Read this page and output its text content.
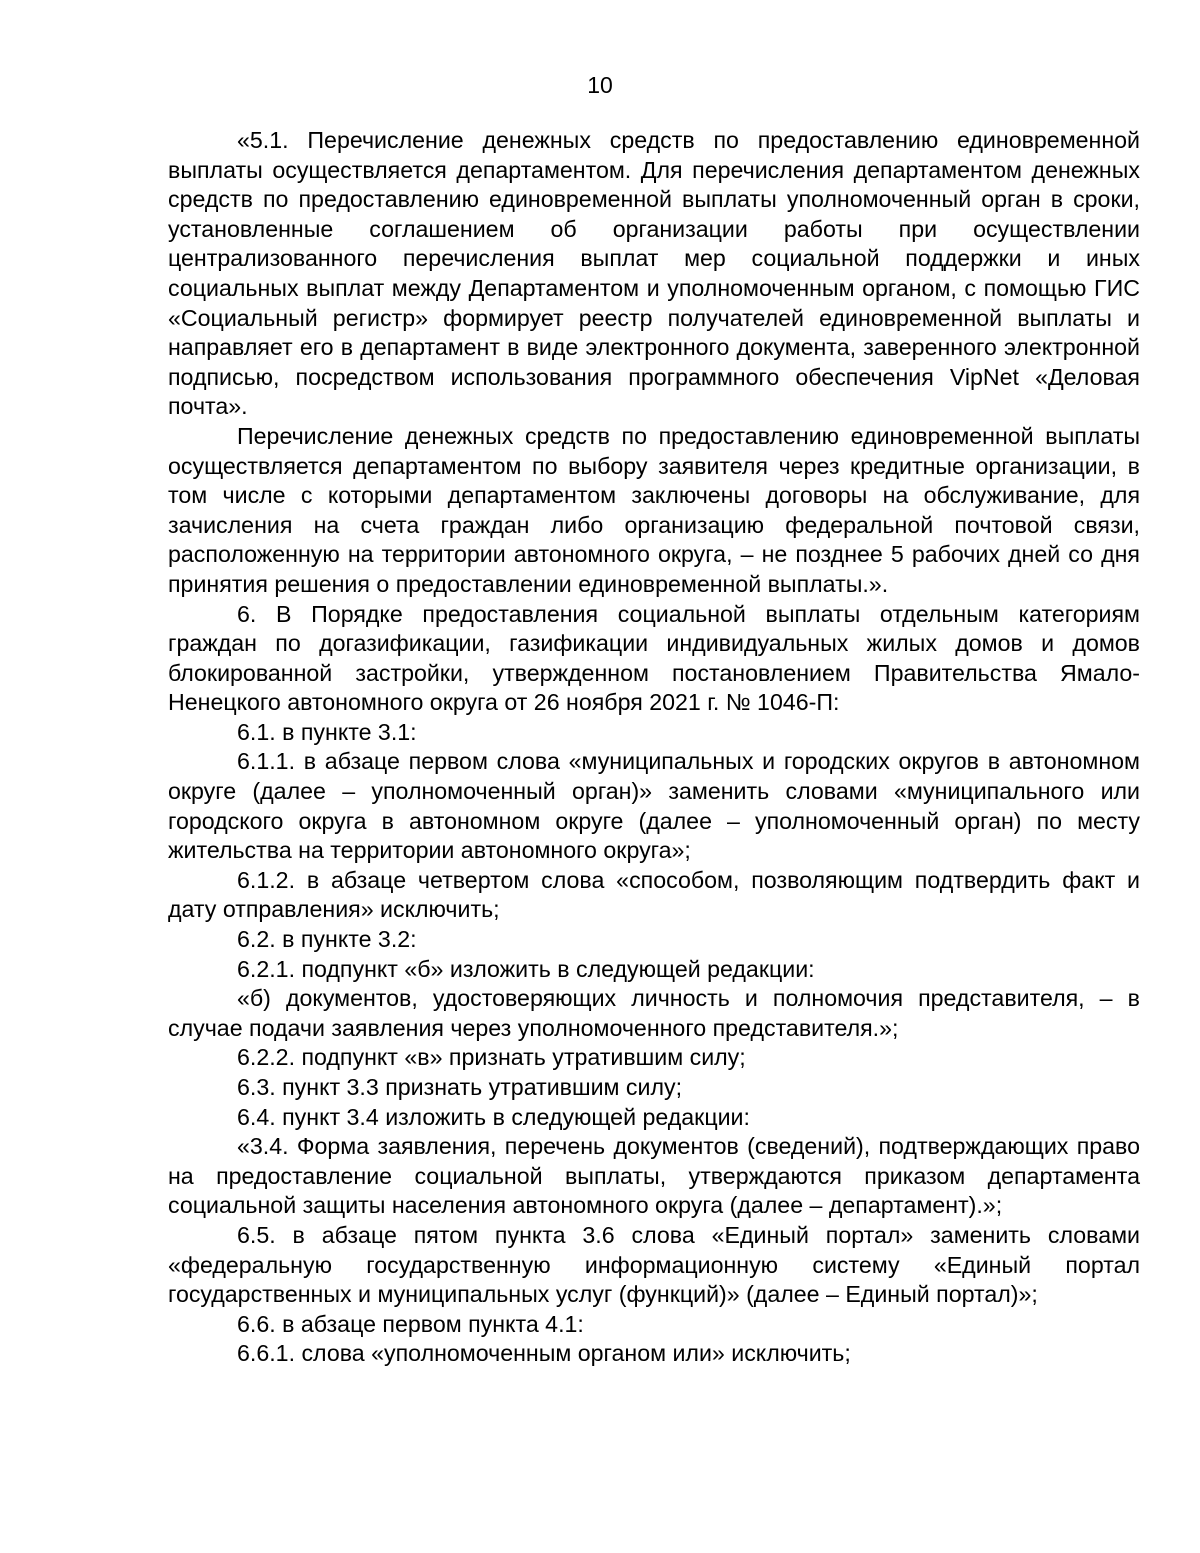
10

«5.1. Перечисление денежных средств по предоставлению единовременной выплаты осуществляется департаментом. Для перечисления департаментом денежных средств по предоставлению единовременной выплаты уполномоченный орган в сроки, установленные соглашением об организации работы при осуществлении централизованного перечисления выплат мер социальной поддержки и иных социальных выплат между Департаментом и уполномоченным органом, с помощью ГИС «Социальный регистр» формирует реестр получателей единовременной выплаты и направляет его в департамент в виде электронного документа, заверенного электронной подписью, посредством использования программного обеспечения VipNet «Деловая почта».

Перечисление денежных средств по предоставлению единовременной выплаты осуществляется департаментом по выбору заявителя через кредитные организации, в том числе с которыми департаментом заключены договоры на обслуживание, для зачисления на счета граждан либо организацию федеральной почтовой связи, расположенную на территории автономного округа, – не позднее 5 рабочих дней со дня принятия решения о предоставлении единовременной выплаты.».

6. В Порядке предоставления социальной выплаты отдельным категориям граждан по догазификации, газификации индивидуальных жилых домов и домов блокированной застройки, утвержденном постановлением Правительства Ямало-Ненецкого автономного округа от 26 ноября 2021 г. № 1046-П:

6.1. в пункте 3.1:

6.1.1. в абзаце первом слова «муниципальных и городских округов в автономном округе (далее – уполномоченный орган)» заменить словами «муниципального или городского округа в автономном округе (далее – уполномоченный орган) по месту жительства на территории автономного округа»;

6.1.2. в абзаце четвертом слова «способом, позволяющим подтвердить факт и дату отправления» исключить;

6.2. в пункте 3.2:

6.2.1. подпункт «б» изложить в следующей редакции:

«б) документов, удостоверяющих личность и полномочия представителя, – в случае подачи заявления через уполномоченного представителя.»;

6.2.2. подпункт «в» признать утратившим силу;

6.3. пункт 3.3 признать утратившим силу;

6.4. пункт 3.4 изложить в следующей редакции:

«3.4. Форма заявления, перечень документов (сведений), подтверждающих право на предоставление социальной выплаты, утверждаются приказом департамента социальной защиты населения автономного округа (далее – департамент).»;

6.5. в абзаце пятом пункта 3.6 слова «Единый портал» заменить словами «федеральную государственную информационную систему «Единый портал государственных и муниципальных услуг (функций)» (далее – Единый портал)»;

6.6. в абзаце первом пункта 4.1:

6.6.1. слова «уполномоченным органом или» исключить;
